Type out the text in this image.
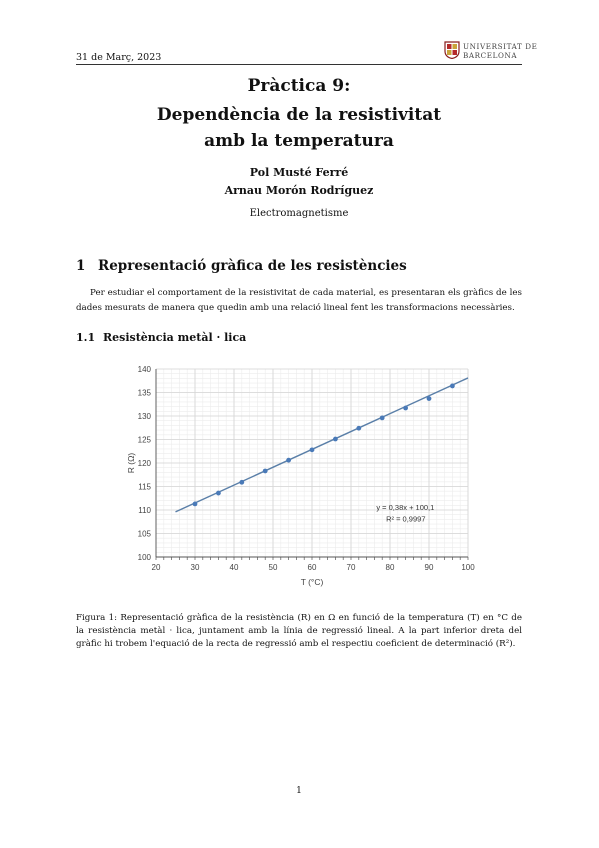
31 de Març, 2023
UNIVERSITAT DE
BARCELONA
Pràctica 9:
Dependència de la resistivitat
amb la temperatura
Pol Musté Ferré
Arnau Morón Rodríguez
Electromagnetisme
1 Representació gràfica de les resistències
Per estudiar el comportament de la resistivitat de cada material, es presentaran els gràfics de les dades mesurats de manera que quedin amb una relació lineal fent les transformacions necessàries.
1.1 Resistència metàl · lica
20	30	40	50	60	70	80	90	100
100
105
110
115
120
125
130
135
140
T (°C)
R (Ω)
y = 0,38x + 100,1
R² = 0,9997
Figura 1: Representació gràfica de la resistència (R) en Ω en funció de la temperatura (T) en °C de la resistència metàl · lica, juntament amb la línia de regressió lineal. A la part inferior dreta del gràfic hi trobem l'equació de la recta de regressió amb el respectiu coeficient de determinació (R²).
1
